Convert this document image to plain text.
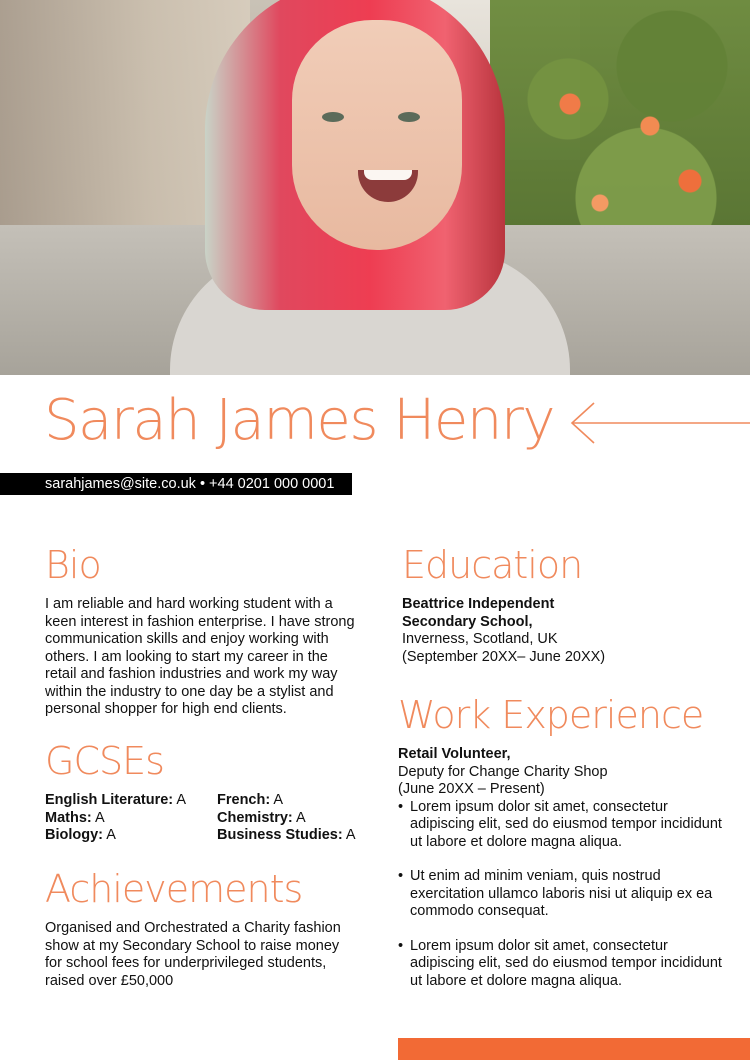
Sarah James Henry
sarahjames@site.co.uk • +44 0201 000 0001
Bio
I am reliable and hard working student with a keen interest in fashion enterprise. I have strong communication skills and enjoy working with others. I am looking to start my career in the retail and fashion industries and work my way within the industry to one day be a stylist and personal shopper for high end clients.
GCSEs
English Literature: A	French: A
Maths: A	Chemistry: A
Biology: A	Business Studies: A
Achievements
Organised and Orchestrated a Charity fashion show at my Secondary School to raise money for school fees for underprivileged students, raised over £50,000
Education
Beattrice Independent
Secondary School,
Inverness, Scotland, UK
(September 20XX– June 20XX)
Work Experience
Retail Volunteer,
Deputy for Change Charity Shop
(June 20XX – Present)
• Lorem ipsum dolor sit amet, consectetur adipiscing elit, sed do eiusmod tempor incididunt ut labore et dolore magna aliqua.
• Ut enim ad minim veniam, quis nostrud exercitation ullamco laboris nisi ut aliquip ex ea commodo consequat.
• Lorem ipsum dolor sit amet, consectetur adipiscing elit, sed do eiusmod tempor incididunt ut labore et dolore magna aliqua.
